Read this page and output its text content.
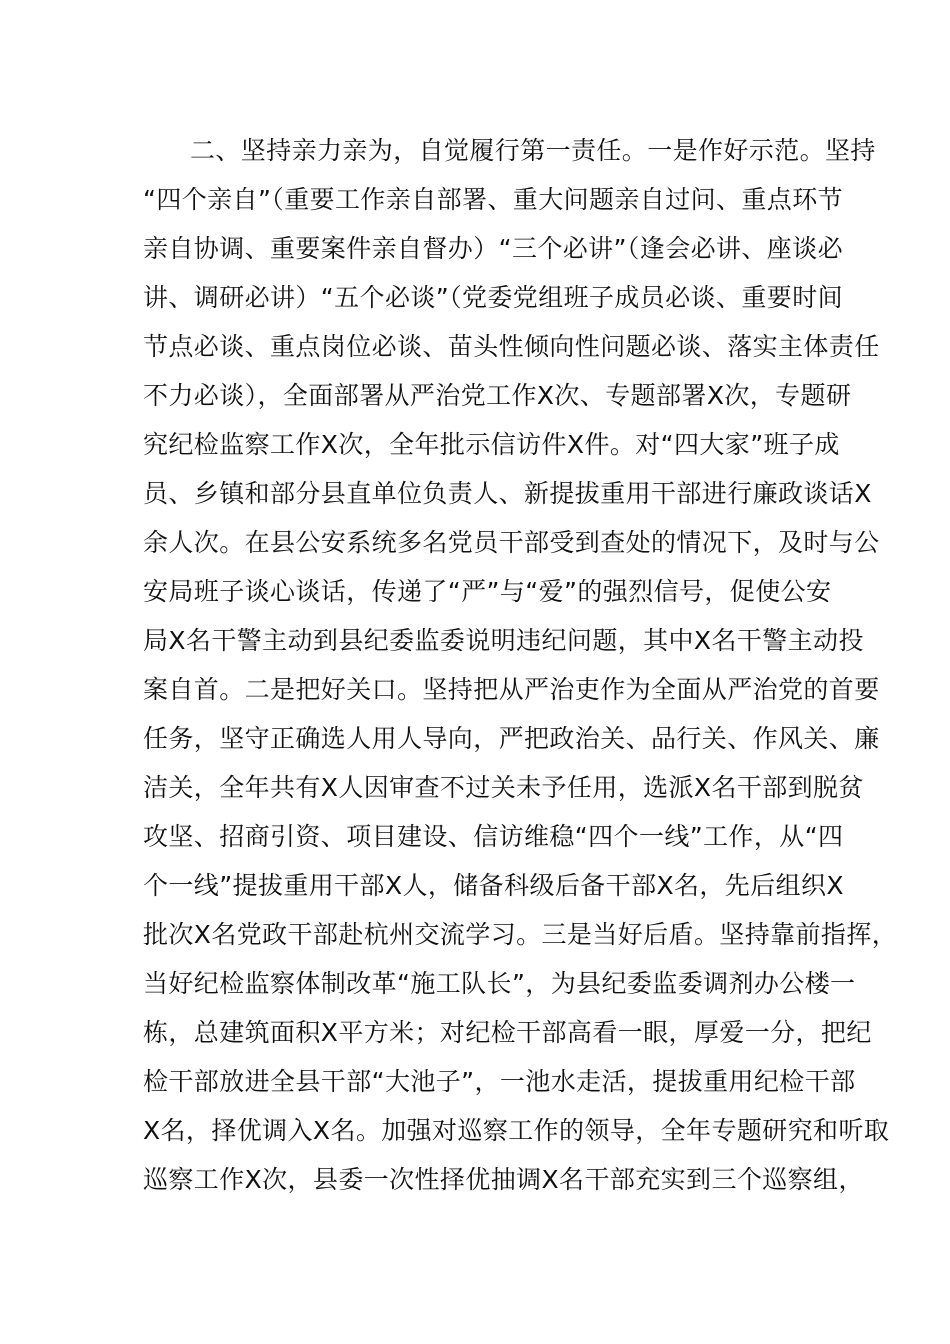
二、坚持亲力亲为，自觉履行第一责任。一是作好示范。坚持
“四个亲自”（重要工作亲自部署、重大问题亲自过问、重点环节
亲自协调、重要案件亲自督办）“三个必讲”（逢会必讲、座谈必
讲、调研必讲）“五个必谈”（党委党组班子成员必谈、重要时间
节点必谈、重点岗位必谈、苗头性倾向性问题必谈、落实主体责任
不力必谈），全面部署从严治党工作X次、专题部署X次，专题研
究纪检监察工作X次，全年批示信访件X件。对“四大家”班子成
员、乡镇和部分县直单位负责人、新提拔重用干部进行廉政谈话X
余人次。在县公安系统多名党员干部受到查处的情况下，及时与公
安局班子谈心谈话，传递了“严”与“爱”的强烈信号，促使公安
局X名干警主动到县纪委监委说明违纪问题，其中X名干警主动投
案自首。二是把好关口。坚持把从严治吏作为全面从严治党的首要
任务，坚守正确选人用人导向，严把政治关、品行关、作风关、廉
洁关，全年共有X人因审查不过关未予任用，选派X名干部到脱贫
攻坚、招商引资、项目建设、信访维稳“四个一线”工作，从“四
个一线”提拔重用干部X人，储备科级后备干部X名，先后组织X
批次X名党政干部赴杭州交流学习。三是当好后盾。坚持靠前指挥，
当好纪检监察体制改革“施工队长”，为县纪委监委调剂办公楼一
栋，总建筑面积X平方米；对纪检干部高看一眼，厚爱一分，把纪
检干部放进全县干部“大池子”，一池水走活，提拔重用纪检干部
X名，择优调入X名。加强对巡察工作的领导，全年专题研究和听取
巡察工作X次，县委一次性择优抽调X名干部充实到三个巡察组，
